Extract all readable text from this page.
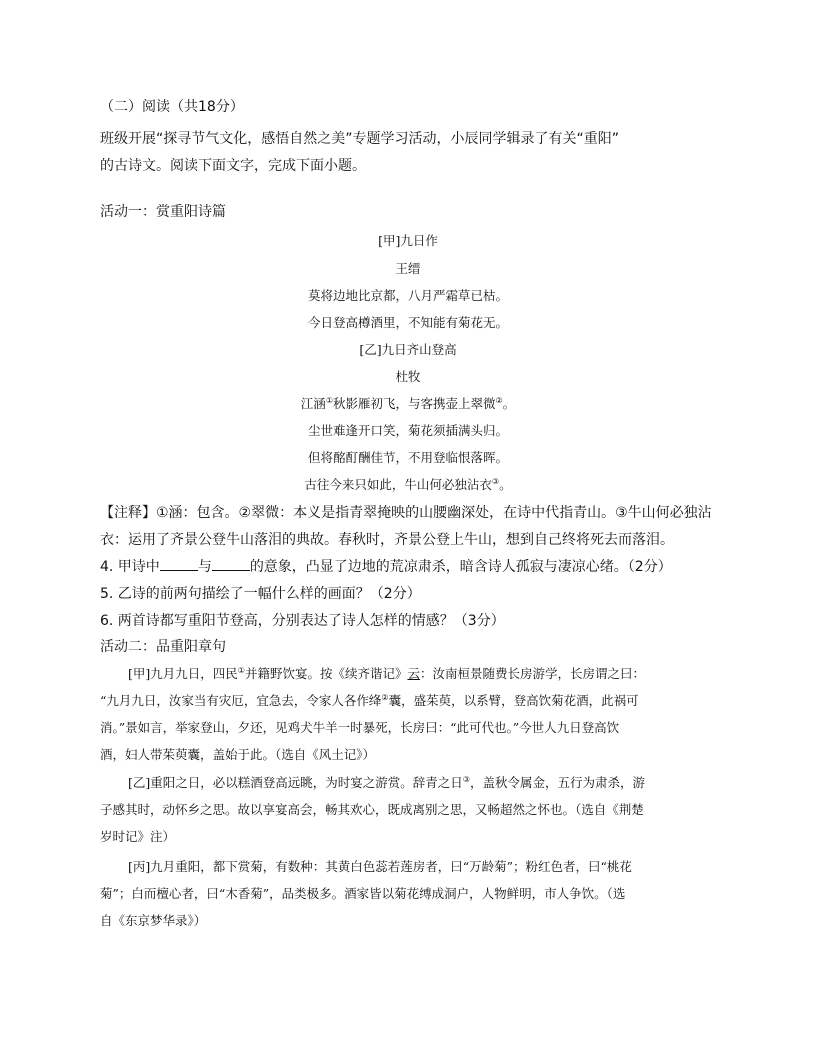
（二）阅读（共18分）
班级开展“探寻节气文化，感悟自然之美”专题学习活动，小辰同学辑录了有关“重阳”
的古诗文。阅读下面文字，完成下面小题。
活动一：赏重阳诗篇
[甲]九日作
王缙
莫将边地比京都，八月严霜草已枯。
今日登高樽酒里，不知能有菊花无。
[乙]九日齐山登高
杜牧
江涵①秋影雁初飞，与客携壶上翠微②。
尘世难逢开口笑，菊花须插满头归。
但将酩酊酬佳节，不用登临恨落晖。
古往今来只如此，牛山何必独沾衣③。
【注释】①涵：包含。②翠微：本义是指青翠掩映的山腰幽深处，在诗中代指青山。③牛山何必独沾
衣：运用了齐景公登牛山落泪的典故。春秋时，齐景公登上牛山，想到自己终将死去而落泪。
4. 甲诗中	与	的意象，凸显了边地的荒凉肃杀，暗含诗人孤寂与凄凉心绪。（2分）
5. 乙诗的前两句描绘了一幅什么样的画面？（2分）
6. 两首诗都写重阳节登高，分别表达了诗人怎样的情感？（3分）
活动二：品重阳章句
[甲]九月九日，四民①并籍野饮宴。按《续齐谐记》云：汝南桓景随费长房游学，长房谓之曰：
“九月九日，汝家当有灾厄，宜急去，令家人各作绛②囊，盛茱萸，以系臂，登高饮菊花酒，此祸可
消。”景如言，举家登山，夕还，见鸡犬牛羊一时暴死，长房曰：“此可代也。”今世人九日登高饮
酒，妇人带茱萸囊，盖始于此。（选自《风土记》）
[乙]重阳之日，必以糕酒登高远眺，为时宴之游赏。辞青之日③，盖秋令属金，五行为肃杀，游
子感其时，动怀乡之思。故以享宴高会，畅其欢心，既成离别之思，又畅超然之怀也。（选自《荆楚
岁时记》注）
[丙]九月重阳，都下赏菊，有数种：其黄白色蕊若莲房者，曰“万龄菊”；粉红色者，曰“桃花
菊”；白而檀心者，曰“木香菊”，品类极多。酒家皆以菊花缚成洞户，人物鲜明，市人争饮。（选
自《东京梦华录》）
